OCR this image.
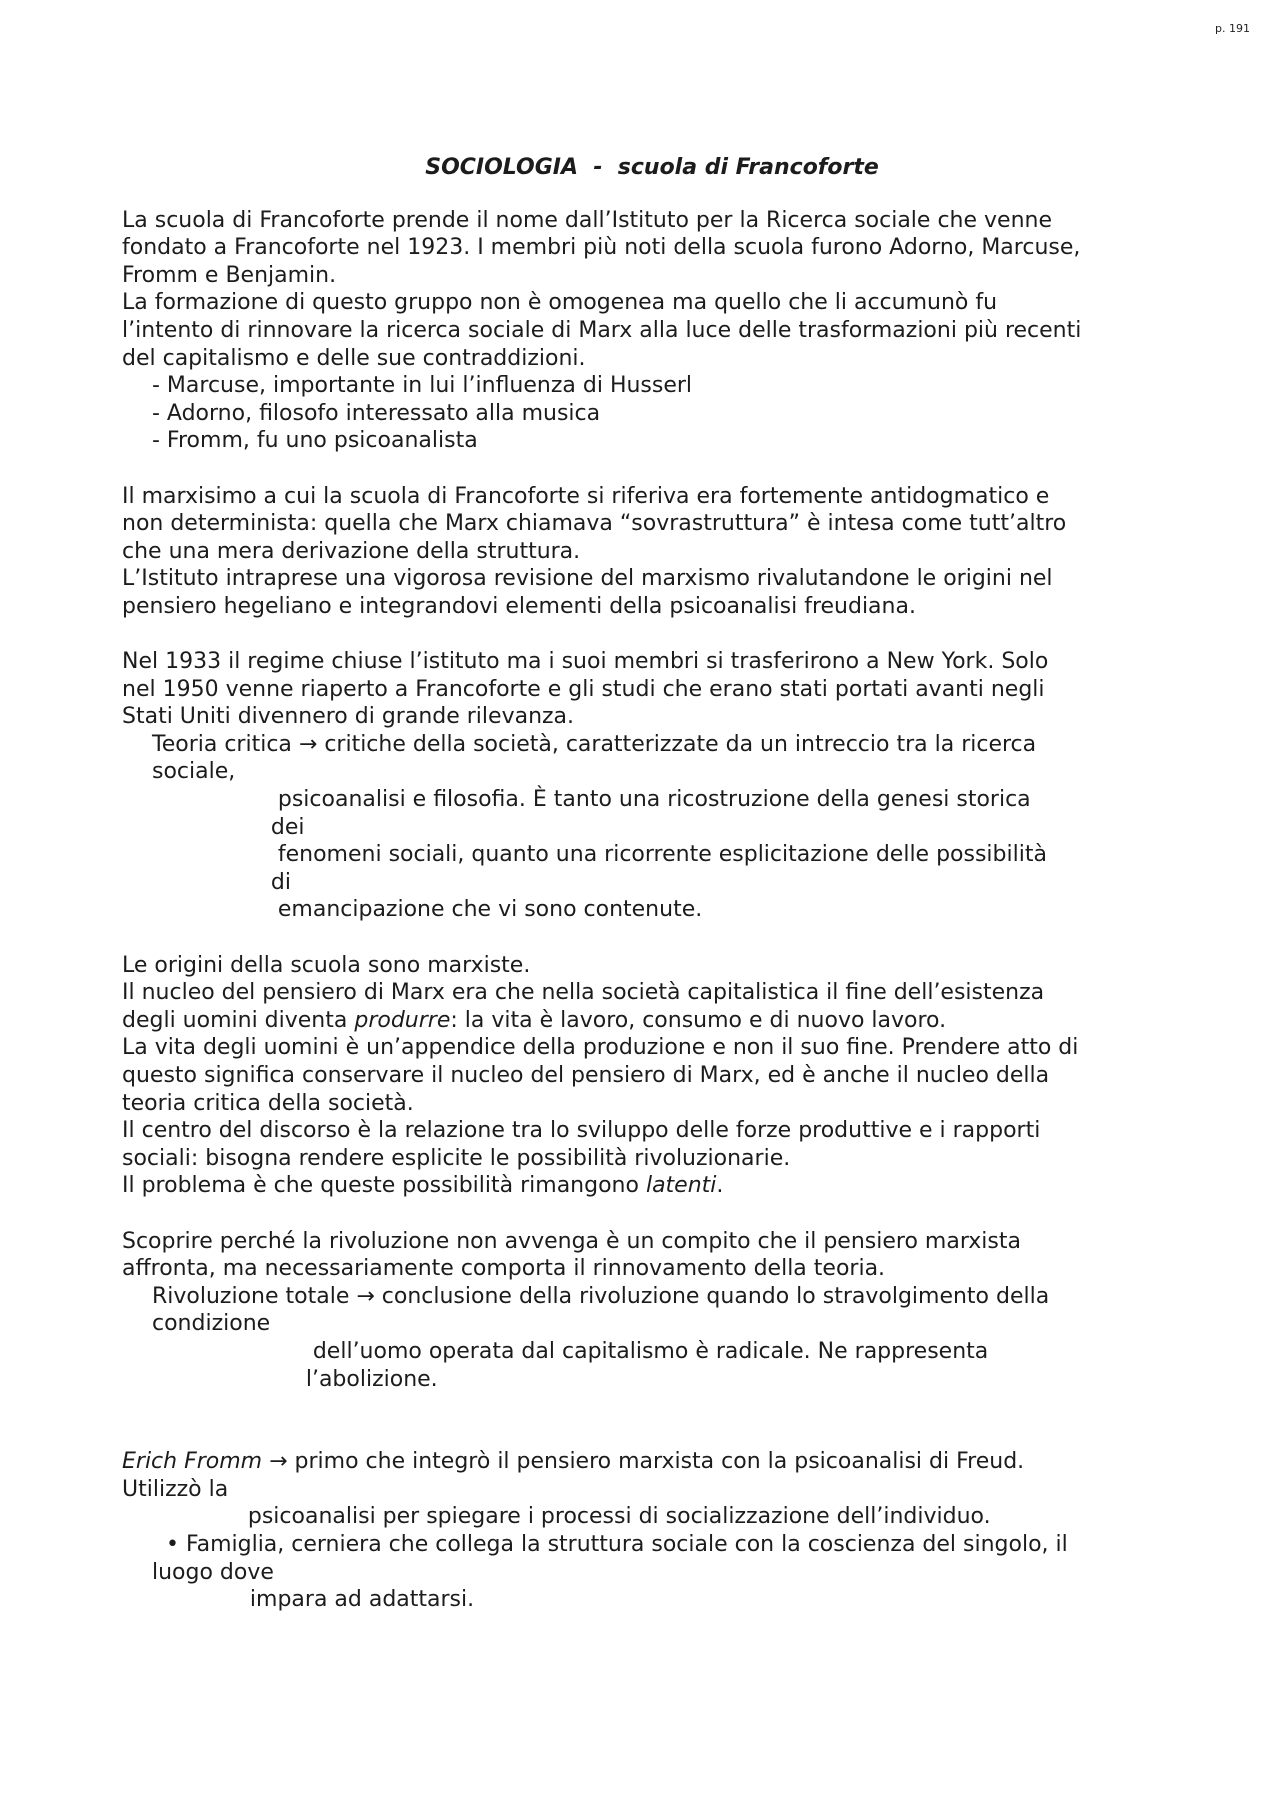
p. 191
SOCIOLOGIA  -  scuola di Francoforte
La scuola di Francoforte prende il nome dall’Istituto per la Ricerca sociale che venne
fondato a Francoforte nel 1923. I membri più noti della scuola furono Adorno, Marcuse,
Fromm e Benjamin.
La formazione di questo gruppo non è omogenea ma quello che li accumunò fu
l’intento di rinnovare la ricerca sociale di Marx alla luce delle trasformazioni più recenti
del capitalismo e delle sue contraddizioni.
- Marcuse, importante in lui l’influenza di Husserl
- Adorno, filosofo interessato alla musica
- Fromm, fu uno psicoanalista
Il marxisimo a cui la scuola di Francoforte si riferiva era fortemente antidogmatico e
non determinista: quella che Marx chiamava “sovrastruttura” è intesa come tutt’altro
che una mera derivazione della struttura.
L’Istituto intraprese una vigorosa revisione del marxismo rivalutandone le origini nel
pensiero hegeliano e integrandovi elementi della psicoanalisi freudiana.
Nel 1933 il regime chiuse l’istituto ma i suoi membri si trasferirono a New York. Solo
nel 1950 venne riaperto a Francoforte e gli studi che erano stati portati avanti negli
Stati Uniti divennero di grande rilevanza.
Teoria critica → critiche della società, caratterizzate da un intreccio tra la ricerca
sociale,
psicoanalisi e filosofia. È tanto una ricostruzione della genesi storica
dei
fenomeni sociali, quanto una ricorrente esplicitazione delle possibilità
di
emancipazione che vi sono contenute.
Le origini della scuola sono marxiste.
Il nucleo del pensiero di Marx era che nella società capitalistica il fine dell’esistenza
degli uomini diventa produrre: la vita è lavoro, consumo e di nuovo lavoro.
La vita degli uomini è un’appendice della produzione e non il suo fine. Prendere atto di
questo significa conservare il nucleo del pensiero di Marx, ed è anche il nucleo della
teoria critica della società.
Il centro del discorso è la relazione tra lo sviluppo delle forze produttive e i rapporti
sociali: bisogna rendere esplicite le possibilità rivoluzionarie.
Il problema è che queste possibilità rimangono latenti.
Scoprire perché la rivoluzione non avvenga è un compito che il pensiero marxista
affronta, ma necessariamente comporta il rinnovamento della teoria.
Rivoluzione totale → conclusione della rivoluzione quando lo stravolgimento della
condizione
dell’uomo operata dal capitalismo è radicale. Ne rappresenta
l’abolizione.
Erich Fromm → primo che integrò il pensiero marxista con la psicoanalisi di Freud.
Utilizzò la
psicoanalisi per spiegare i processi di socializzazione dell’individuo.
• Famiglia, cerniera che collega la struttura sociale con la coscienza del singolo, il
luogo dove
impara ad adattarsi.
